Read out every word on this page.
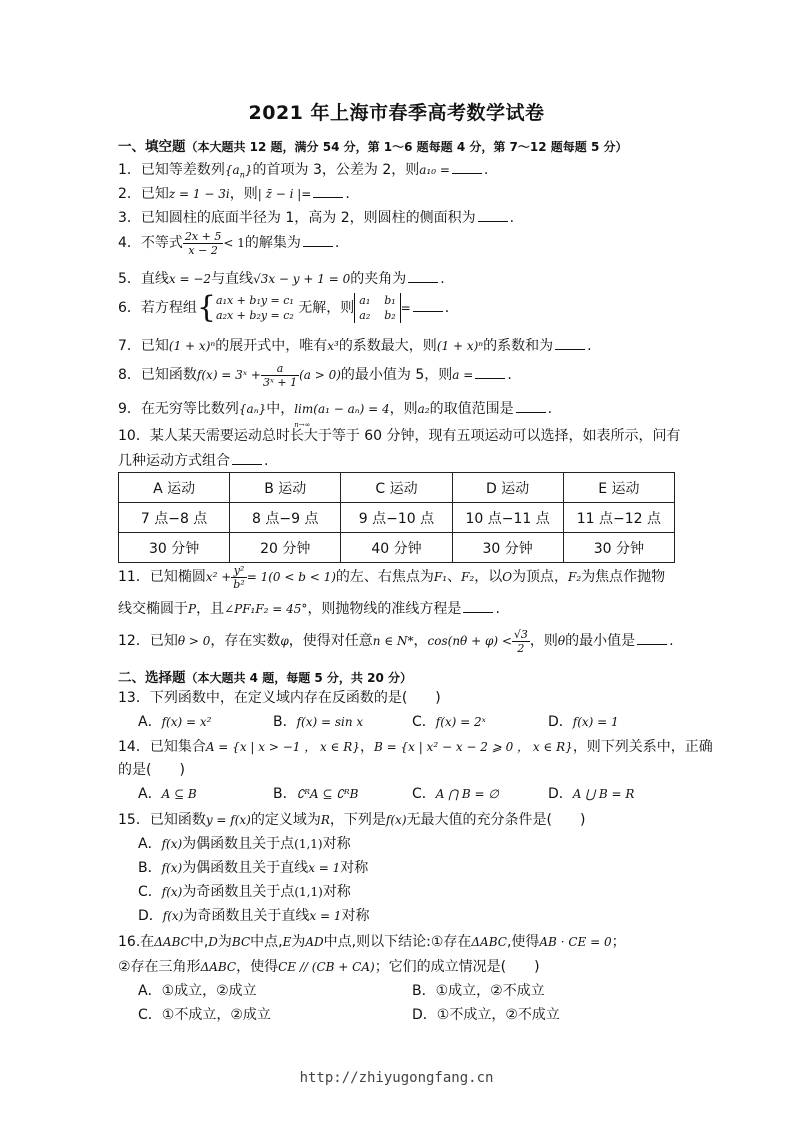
2021 年上海市春季高考数学试卷
一、填空题（本大题共 12 题，满分 54 分，第 1～6 题每题 4 分，第 7～12 题每题 5 分）
1．已知等差数列$\{a_n\}$的首项为 3，公差为 2，则a₁₀ = .
2．已知z = 1 − 3i，则| z̄ − i |= .
3．已知圆柱的底面半径为 1，高为 2，则圆柱的侧面积为 .
4．不等式 $\frac{2x + 5}{x - 2} < 1$的解集为 .
5．直线x = −2与直线√3x − y + 1 = 0的夹角为 .
6．若方程组{ a₁x + b₁y = c₁
a₂x + b₂y = c₂ 无解，则 a₁ b₁
a₂ b₂
= .
7．已知(1 + x)ⁿ的展开式中，唯有x³的系数最大，则(1 + x)ⁿ的系数和为 .
8．已知函数f(x) = 3ˣ + $\frac{a}{\text{3ˣ + 1}} (a > 0)$的最小值为 5，则a = .
9．在无穷等比数列{aₙ}中，lim(a₁ − aₙ) = 4
n→∞
，则a₂的取值范围是 .
10．某人某天需要运动总时长大于等于 60 分钟，现有五项运动可以选择，如表所示，问有
几种运动方式组合 .
A 运动	B 运动	C 运动	D 运动	E 运动
7 点−8 点	8 点−9 点	9 点−10 点	10 点−11 点	11 点−12 点
30 分钟	20 分钟	40 分钟	30 分钟	30 分钟
11．已知椭圆$x^2 + \frac{\text{y²}}{\text{b²}} = 1(0 < b < 1)$的左、右焦点为F₁、F₂，以O为顶点，F₂为焦点作抛物
线交椭圆于P，且∠PF₁F₂ = 45°，则抛物线的准线方程是 .
12．已知θ > 0，存在实数φ，使得对任意n ∈ N*，$\cos(n\theta + \varphi) < \frac{√3}{2}$ ，则θ的最小值是 .
二、选择题（本大题共 4 题，每题 5 分，共 20 分）
13．下列函数中，在定义域内存在反函数的是(　　)
A．f(x) = x²	B．f(x) = sin x	C．f(x) = 2ˣ	D．f(x) = 1
14．已知集合A = {x | x > −1 ， x ∈ R}，B = {x | x² − x − 2 ⩾ 0 ， x ∈ R}，则下列关系中，正确
的是(　　)
A．A ⊆ B	B．∁ᴿA ⊆ ∁ᴿB	C．A ⋂ B = ∅	D．A ⋃ B = R
15．已知函数y = f(x)的定义域为R，下列是f(x)无最大值的充分条件是(　　)
A．f(x)为偶函数且关于点(1,1)对称
B．f(x)为偶函数且关于直线x = 1对称
C．f(x)为奇函数且关于点(1,1)对称
D．f(x)为奇函数且关于直线x = 1对称
16.在ΔABC中,D为BC中点,E为AD中点,则以下结论:①存在ΔABC,使得AB · CE = 0；
②存在三角形ΔABC，使得CE // (CB + CA)；它们的成立情况是(　　)
A．①成立，②成立	B．①成立，②不成立
C．①不成立，②成立	D．①不成立，②不成立
http://zhiyugongfang.cn
